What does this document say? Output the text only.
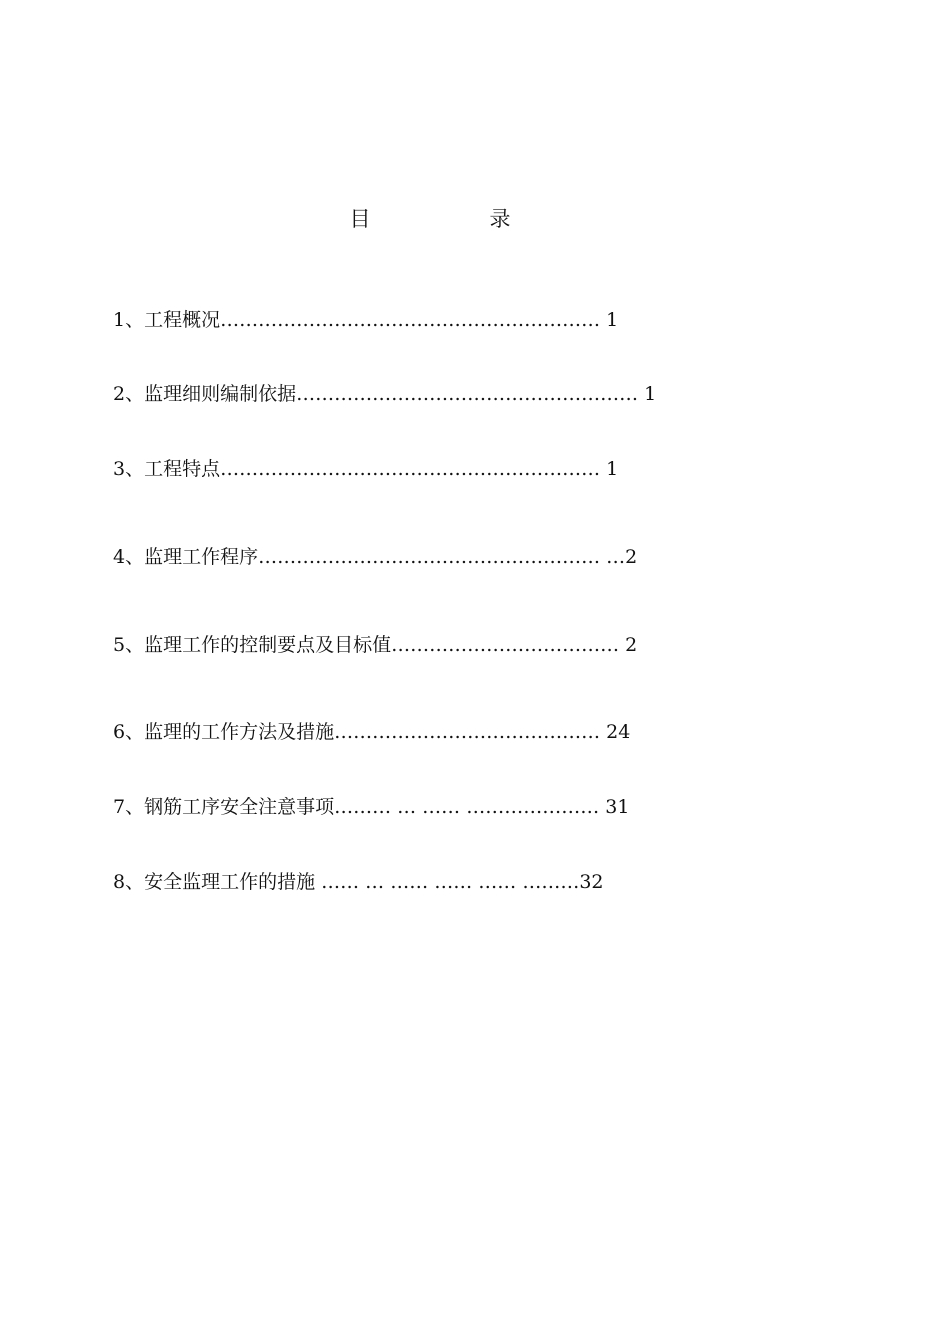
目	录
1、工程概况…………………………………………………… 1
2、监理细则编制依据……………………………………………… 1
3、工程特点…………………………………………………… 1
4、监理工作程序……………………………………………… …2
5、监理工作的控制要点及目标值……………………………… 2
6、监理的工作方法及措施…………………………………… 24
7、钢筋工序安全注意事项……… … …… ………………… 31
8、安全监理工作的措施 …… … …… …… …… ………32
